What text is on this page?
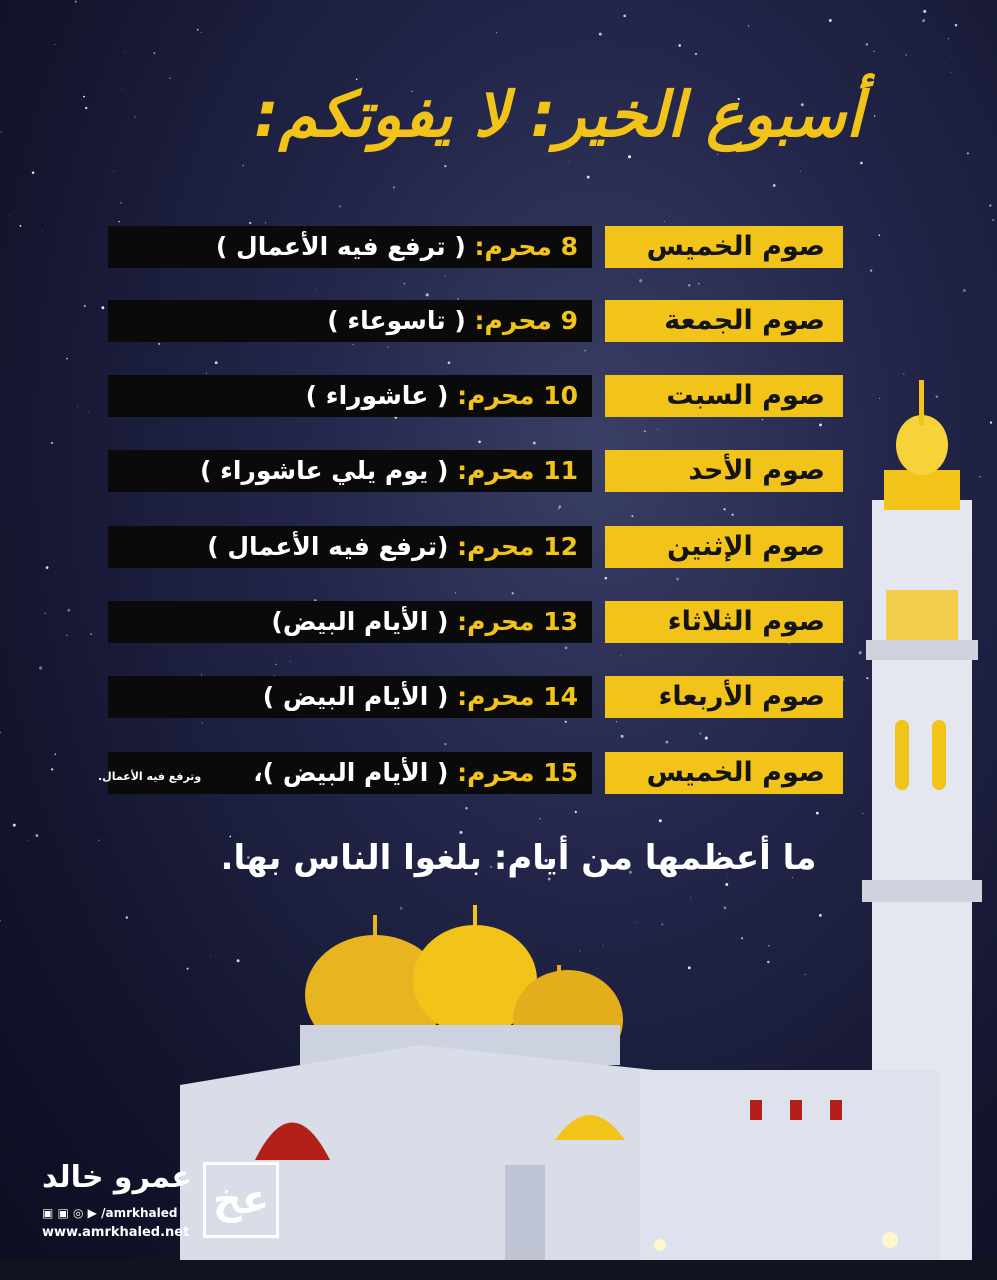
أسبوع الخير: لا يفوتكم:
8 محرم: ( ترفع فيه الأعمال )	صوم الخميس
9 محرم: ( تاسوعاء )	صوم الجمعة
10 محرم: ( عاشوراء )	صوم السبت
11 محرم: ( يوم يلي عاشوراء )	صوم الأحد
12 محرم: (ترفع فيه الأعمال )	صوم الإثنين
13 محرم: ( الأيام البيض)	صوم الثلاثاء
14 محرم: ( الأيام البيض )	صوم الأربعاء
15 محرم: ( الأيام البيض )،	صوم الخميس
وترفع فيه الأعمال.
ما أعظمها من أيام: بلغوا الناس بها.
عمرو خالد عخ
▣ ▣ ◎ ▶ /amrkhaled
www.amrkhaled.net
